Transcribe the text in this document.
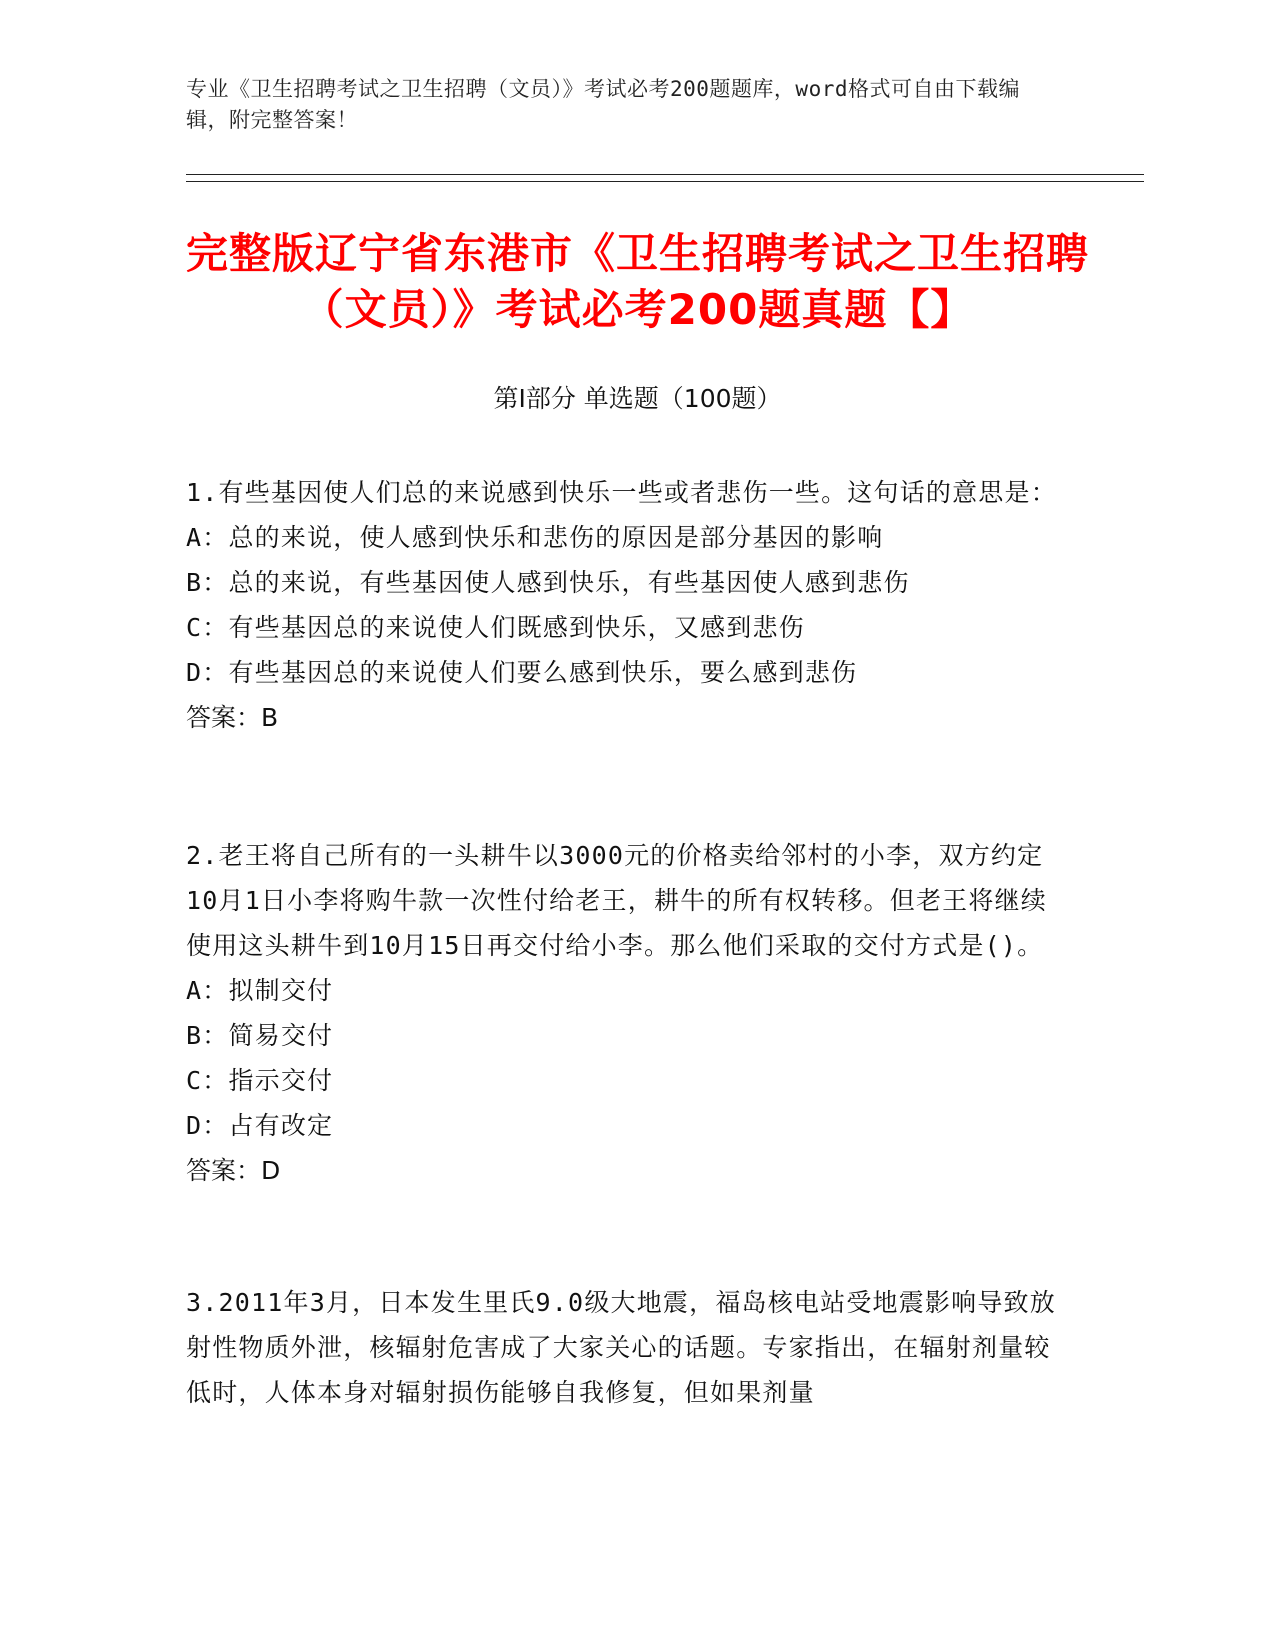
专业《卫生招聘考试之卫生招聘（文员）》考试必考200题题库，word格式可自由下载编辑，附完整答案！
完整版辽宁省东港市《卫生招聘考试之卫生招聘（文员）》考试必考200题真题【】
第Ⅰ部分 单选题（100题）

1.有些基因使人们总的来说感到快乐一些或者悲伤一些。这句话的意思是：

A：总的来说，使人感到快乐和悲伤的原因是部分基因的影响

B：总的来说，有些基因使人感到快乐，有些基因使人感到悲伤

C：有些基因总的来说使人们既感到快乐，又感到悲伤

D：有些基因总的来说使人们要么感到快乐，要么感到悲伤

答案：B

2.老王将自己所有的一头耕牛以3000元的价格卖给邻村的小李，双方约定10月1日小李将购牛款一次性付给老王，耕牛的所有权转移。但老王将继续使用这头耕牛到10月15日再交付给小李。那么他们采取的交付方式是()。

A：拟制交付

B：简易交付

C：指示交付

D：占有改定

答案：D

3.2011年3月，日本发生里氏9.0级大地震，福岛核电站受地震影响导致放射性物质外泄，核辐射危害成了大家关心的话题。专家指出，在辐射剂量较低时，人体本身对辐射损伤能够自我修复，但如果剂量
